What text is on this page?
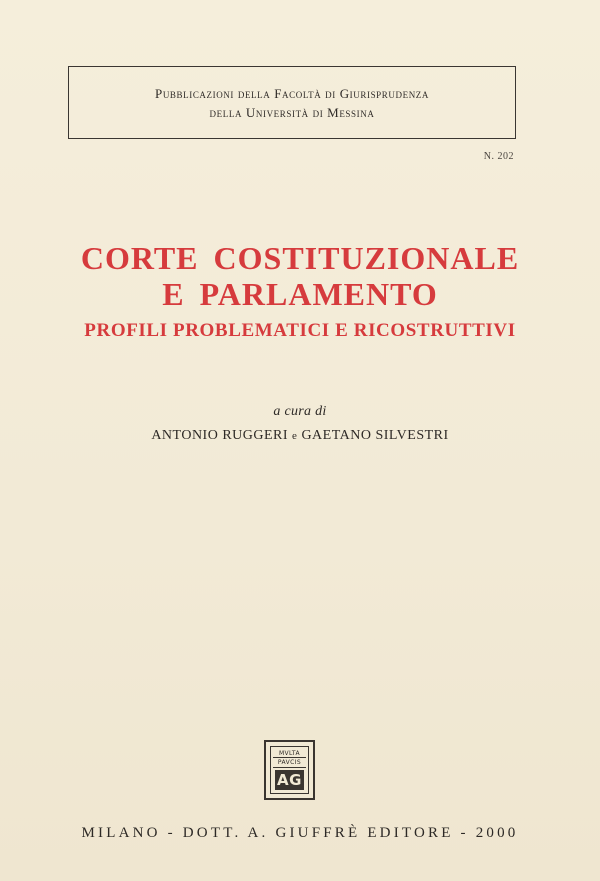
Pubblicazioni della Facoltà di Giurisprudenza
della Università di Messina
N. 202
CORTE COSTITUZIONALE
E PARLAMENTO
PROFILI PROBLEMATICI E RICOSTRUTTIVI
a cura di
ANTONIO RUGGERI e GAETANO SILVESTRI
MVLTA
PAVCIS
AG
MILANO - DOTT. A. GIUFFRÈ EDITORE - 2000
